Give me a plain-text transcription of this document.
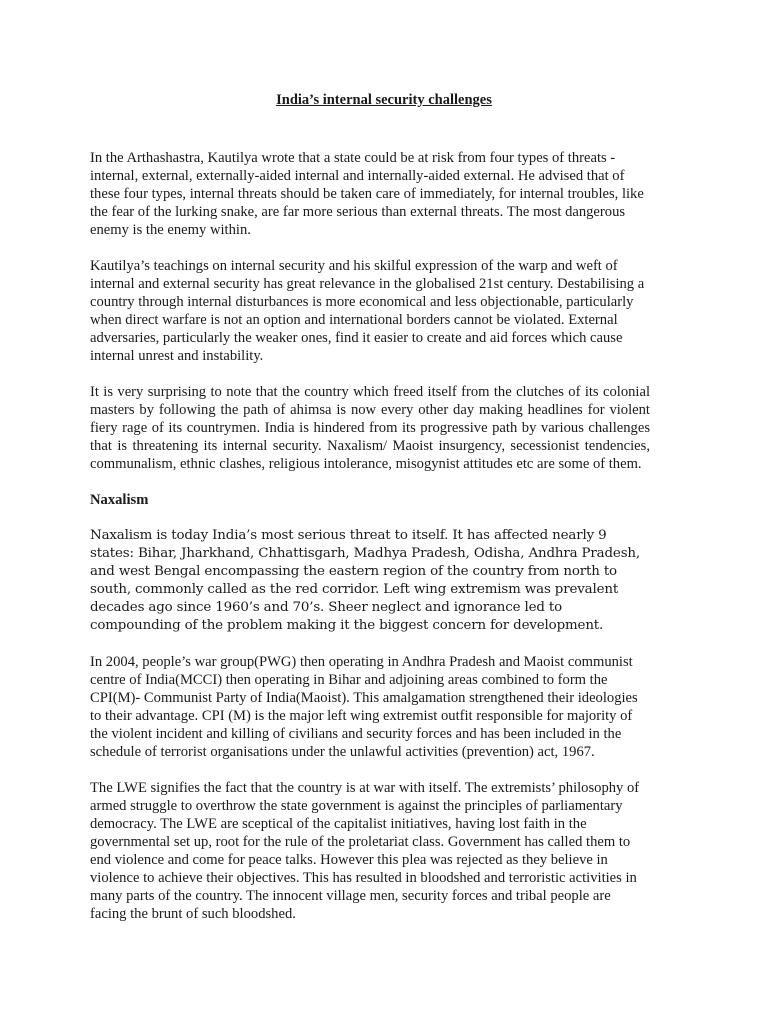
India’s internal security challenges

In the Arthashastra, Kautilya wrote that a state could be at risk from four types of threats - internal, external, externally-aided internal and internally-aided external. He advised that of these four types, internal threats should be taken care of immediately, for internal troubles, like the fear of the lurking snake, are far more serious than external threats. The most dangerous enemy is the enemy within.

Kautilya’s teachings on internal security and his skilful expression of the warp and weft of internal and external security has great relevance in the globalised 21st century. Destabilising a country through internal disturbances is more economical and less objectionable, particularly when direct warfare is not an option and international borders cannot be violated. External adversaries, particularly the weaker ones, find it easier to create and aid forces which cause internal unrest and instability.

It is very surprising to note that the country which freed itself from the clutches of its colonial masters by following the path of ahimsa is now every other day making headlines for violent fiery rage of its countrymen. India is hindered from its progressive path by various challenges that is threatening its internal security. Naxalism/ Maoist insurgency, secessionist tendencies, communalism, ethnic clashes, religious intolerance, misogynist attitudes etc are some of them.

Naxalism

Naxalism is today India’s most serious threat to itself. It has affected nearly 9 states: Bihar, Jharkhand, Chhattisgarh, Madhya Pradesh, Odisha, Andhra Pradesh, and west Bengal encompassing the eastern region of the country from north to south, commonly called as the red corridor. Left wing extremism was prevalent decades ago since 1960’s and 70’s. Sheer neglect and ignorance led to compounding of the problem making it the biggest concern for development.

In 2004, people’s war group(PWG) then operating in Andhra Pradesh and Maoist communist centre of India(MCCI) then operating in Bihar and adjoining areas combined to form the CPI(M)- Communist Party of India(Maoist). This amalgamation strengthened their ideologies to their advantage. CPI (M) is the major left wing extremist outfit responsible for majority of the violent incident and killing of civilians and security forces and has been included in the schedule of terrorist organisations under the unlawful activities (prevention) act, 1967.

The LWE signifies the fact that the country is at war with itself. The extremists’ philosophy of armed struggle to overthrow the state government is against the principles of parliamentary democracy. The LWE are sceptical of the capitalist initiatives, having lost faith in the governmental set up, root for the rule of the proletariat class. Government has called them to end violence and come for peace talks. However this plea was rejected as they believe in violence to achieve their objectives. This has resulted in bloodshed and terroristic activities in many parts of the country. The innocent village men, security forces and tribal people are facing the brunt of such bloodshed.
